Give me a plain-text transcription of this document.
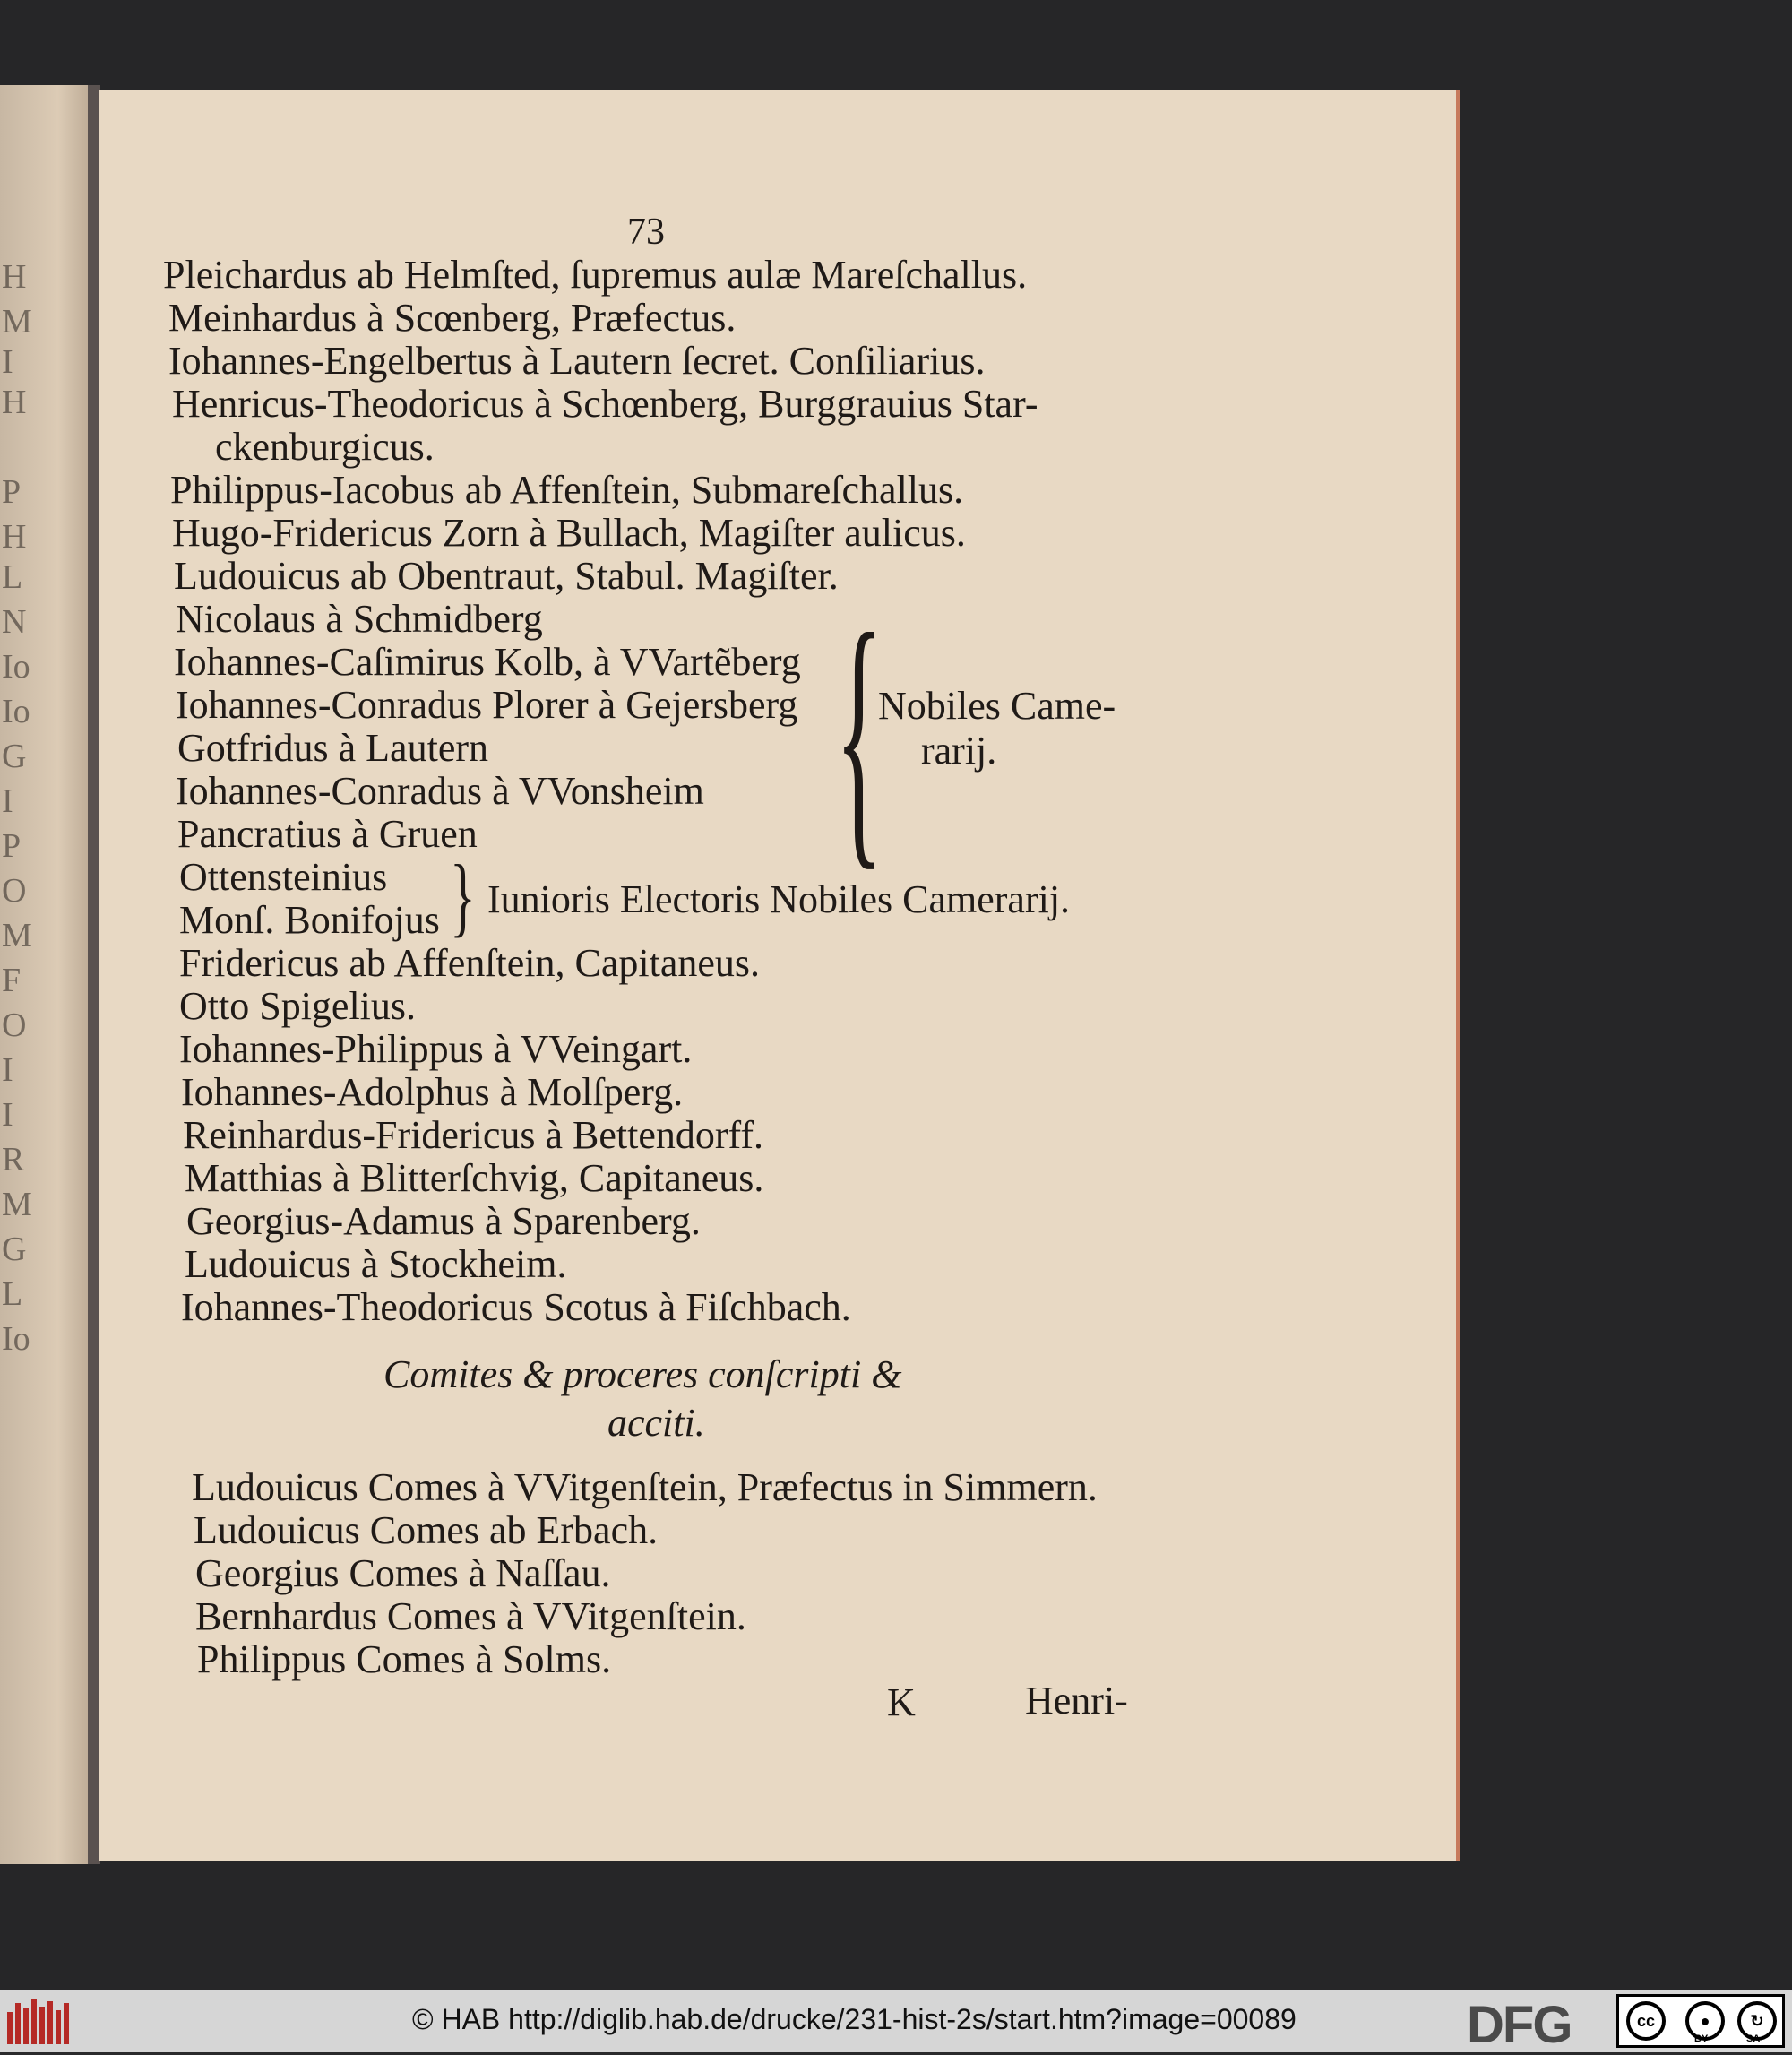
H
M
I
H
P
H
L
N
Io
Io
G
I
P
O
M
F
O
I
I
R
M
G
L
Io
73
Pleichardus ab Helmſted, ſupremus aulæ Mareſchallus.
Meinhardus à Scœnberg, Præfectus.
Iohannes-Engelbertus à Lautern ſecret. Conſiliarius.
Henricus-Theodoricus à Schœnberg, Burggrauius Star-
ckenburgicus.
Philippus-Iacobus ab Affenſtein, Submareſchallus.
Hugo-Fridericus Zorn à Bullach, Magiſter aulicus.
Ludouicus ab Obentraut, Stabul. Magiſter.
Nicolaus à Schmidberg
Iohannes-Caſimirus Kolb, à VVartẽberg
Iohannes-Conradus Plorer à Gejersberg
Gotfridus à Lautern
Iohannes-Conradus à VVonsheim
Pancratius à Gruen {
Nobiles Came-
rarij.
Ottensteinius
Monſ. Bonifojus } Iunioris Electoris Nobiles Camerarij.
Fridericus ab Affenſtein, Capitaneus.
Otto Spigelius.
Iohannes-Philippus à VVeingart.
Iohannes-Adolphus à Molſperg.
Reinhardus-Fridericus à Bettendorff.
Matthias à Blitterſchvig, Capitaneus.
Georgius-Adamus à Sparenberg.
Ludouicus à Stockheim.
Iohannes-Theodoricus Scotus à Fiſchbach.
Comites & proceres conſcripti &
acciti.
Ludouicus Comes à VVitgenſtein, Præfectus in Simmern.
Ludouicus Comes ab Erbach.
Georgius Comes à Naſſau.
Bernhardus Comes à VVitgenſtein.
Philippus Comes à Solms.
K	Henri-
© HAB http://diglib.hab.de/drucke/231-hist-2s/start.htm?image=00089	DFG	cc	●	↻
BY	SA
